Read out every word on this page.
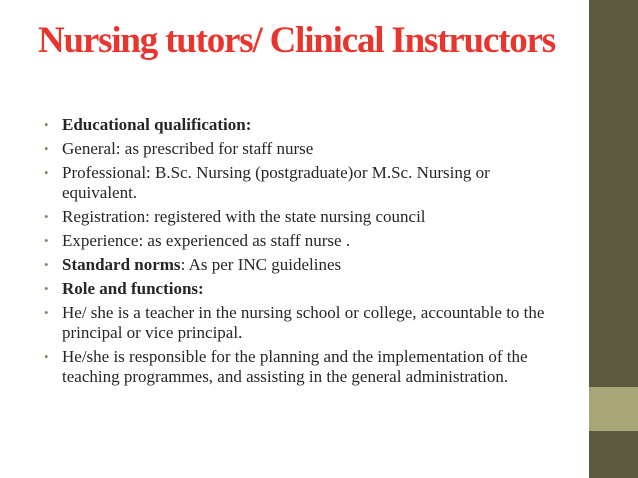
Nursing tutors/ Clinical Instructors
• Educational qualification:
• General: as prescribed for staff nurse
• Professional: B.Sc. Nursing (postgraduate)or M.Sc. Nursing or equivalent.
• Registration: registered with the state nursing council
• Experience: as experienced as staff nurse .
• Standard norms: As per INC guidelines
• Role and functions:
• He/ she is a teacher in the nursing school or college, accountable to the principal or vice principal.
• He/she is responsible for the planning and the implementation of the teaching programmes, and assisting in the general administration.
